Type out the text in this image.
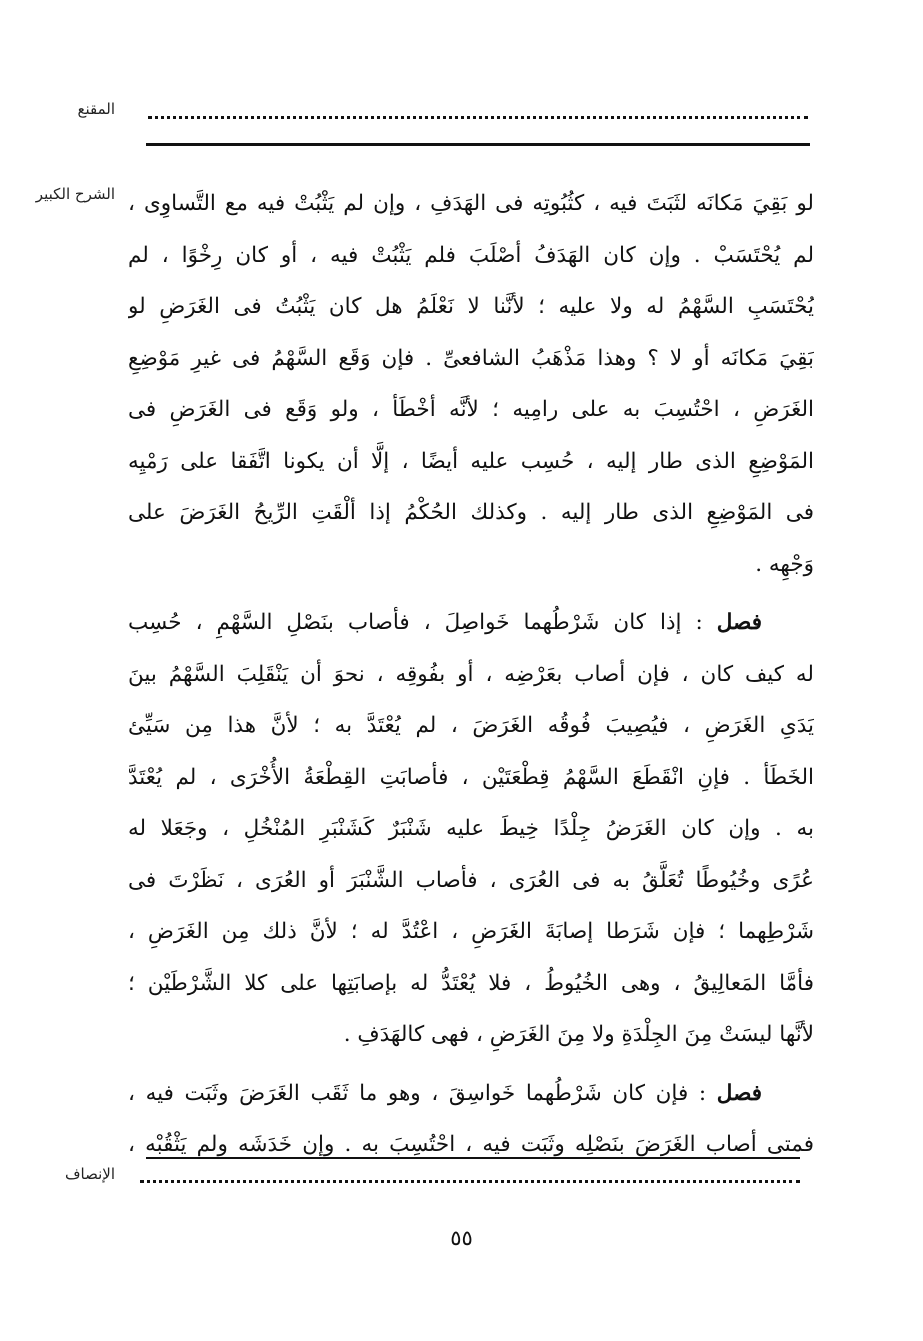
المقنع
الشرح الكبير لو بَقِيَ مَكانَه لثَبَتَ فيه ، كثُبُوتِه فى الهَدَفِ ، وإن لم يَثْبُتْ فيه مع التَّساوِى ،
لم يُحْتَسَبْ . وإن كان الهَدَفُ أصْلَبَ فلم يَثْبُتْ فيه ، أو كان رِخْوًا ، لم
يُحْتَسَبِ السَّهْمُ له ولا عليه ؛ لأنَّنا لا نَعْلَمُ هل كان يَثْبُتُ فى الغَرَضِ لو
بَقِيَ مَكانَه أو لا ؟ وهذا مَذْهَبُ الشافعىِّ . فإن وَقَع السَّهْمُ فى غيرِ مَوْضِعِ
الغَرَضِ ، احْتُسِبَ به على رامِيه ؛ لأنَّه أخْطَأ ، ولو وَقَع فى الغَرَضِ فى
المَوْضِعِ الذى طار إليه ، حُسِب عليه أيضًا ، إلَّا أن يكونا اتَّفَقا على رَمْيِه
فى المَوْضِعِ الذى طار إليه . وكذلك الحُكْمُ إذا ألْقَتِ الرِّيحُ الغَرَضَ على
وَجْهِه .
فصل : إذا كان شَرْطُهما خَواصِلَ ، فأصاب بنَصْلِ السَّهْمِ ، حُسِب
له كيف كان ، فإن أصاب بعَرْضِه ، أو بفُوقِه ، نحوَ أن يَنْقَلِبَ السَّهْمُ بينَ
يَدَىِ الغَرَضِ ، فيُصِيبَ فُوقُه الغَرَضَ ، لم يُعْتَدَّ به ؛ لأنَّ هذا مِن سَيِّئ
الخَطَأ . فإنِ انْقَطَعَ السَّهْمُ قِطْعَتَيْن ، فأصابَتِ القِطْعَةُ الأُخْرَى ، لم يُعْتَدَّ
به . وإن كان الغَرَضُ جِلْدًا خِيطَ عليه شَنْبَرٌ كَشَنْبَرِ المُنْخُلِ ، وجَعَلا له
عُرًى وخُيُوطًا تُعَلَّقُ به فى العُرَى ، فأصاب الشَّنْبَرَ أو العُرَى ، نَظَرْتَ فى
شَرْطِهما ؛ فإن شَرَطا إصابَةَ الغَرَضِ ، اعْتُدَّ له ؛ لأنَّ ذلك مِن الغَرَضِ ،
فأمَّا المَعالِيقُ ، وهى الخُيُوطُ ، فلا يُعْتَدُّ له بإصابَتِها على كلا الشَّرْطَيْن ؛
لأنَّها ليسَتْ مِنَ الجِلْدَةِ ولا مِنَ الغَرَضِ ، فهى كالهَدَفِ .
فصل : فإن كان شَرْطُهما خَواسِقَ ، وهو ما ثَقَب الغَرَضَ وثَبَت فيه ،
فمتى أصاب الغَرَضَ بنَصْلِه وثَبَت فيه ، احْتُسِبَ به . وإن خَدَشَه ولم يَثْقُبْه ،
الإنصاف
٥٥
